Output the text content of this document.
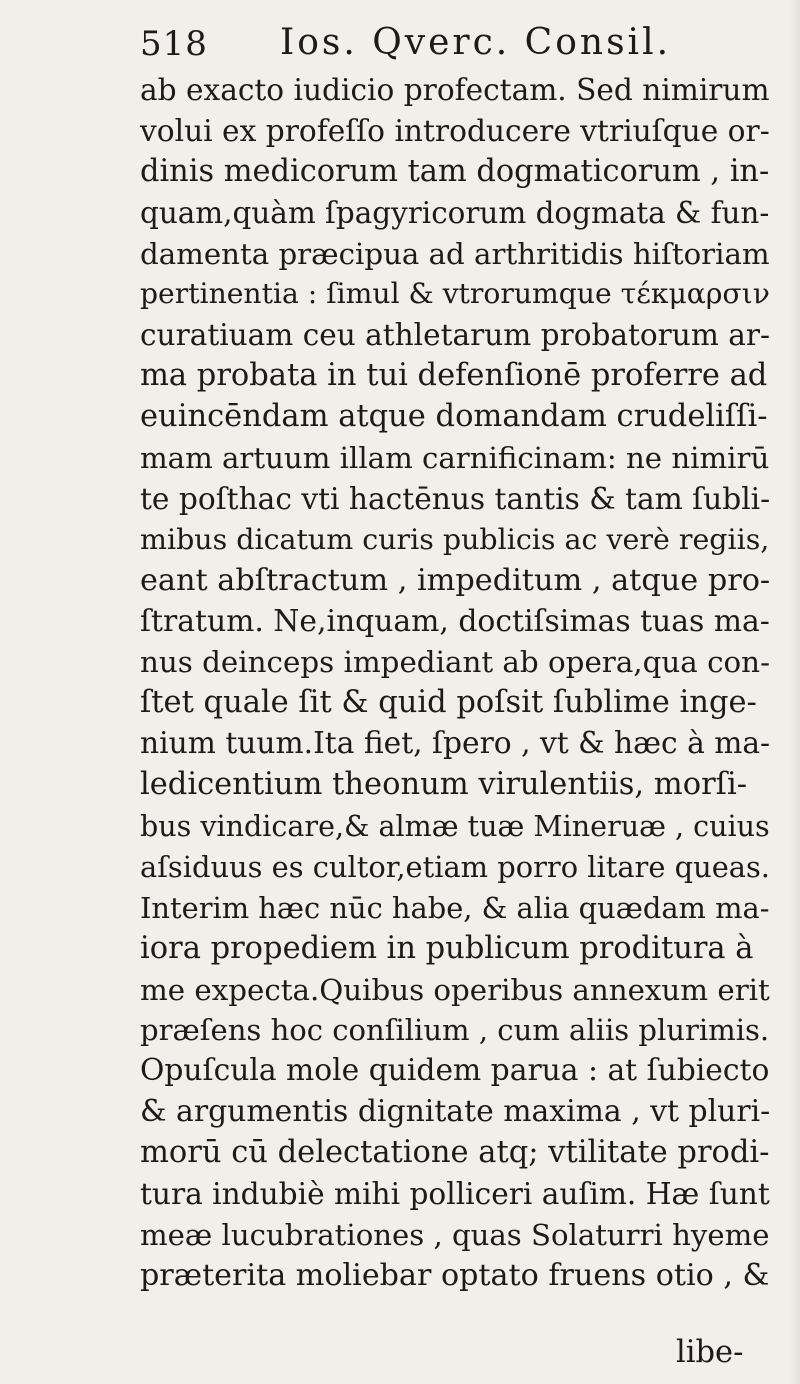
518 Ios. Qverc. Consil.
ab exacto iudicio profectam. Sed nimirum
volui ex profeſſo introducere vtriuſque or-
dinis medicorum tam dogmaticorum , in-
quam,quàm ſpagyricorum dogmata & fun-
damenta præcipua ad arthritidis hiſtoriam
pertinentia : ſimul & vtrorumque τέκμαρσιν
curatiuam ceu athletarum probatorum ar-
ma probata in tui defenſionē proferre ad
euincēndam atque domandam crudeliſſi-
mam artuum illam carnificinam: ne nimirū
te poſthac vti hactēnus tantis & tam ſubli-
mibus dicatum curis publicis ac verè regiis,
eant abſtractum , impeditum , atque pro-
ſtratum. Ne,inquam, doctiſsimas tuas ma-
nus deinceps impediant ab opera,qua con-
ſtet quale ſit & quid poſsit ſublime inge-
nium tuum.Ita fiet, ſpero , vt & hæc à ma-
ledicentium theonum virulentiis, morſi-
bus vindicare,& almæ tuæ Mineruæ , cuius
aſsiduus es cultor,etiam porro litare queas.
Interim hæc nūc habe, & alia quædam ma-
iora propediem in publicum proditura à
me expecta.Quibus operibus annexum erit
præſens hoc conſilium , cum aliis plurimis.
Opuſcula mole quidem parua : at ſubiecto
& argumentis dignitate maxima , vt pluri-
morū cū delectatione atq; vtilitate prodi-
tura indubiè mihi polliceri auſim. Hæ ſunt
meæ lucubrationes , quas Solaturri hyeme
præterita moliebar optato fruens otio , &
libe-
